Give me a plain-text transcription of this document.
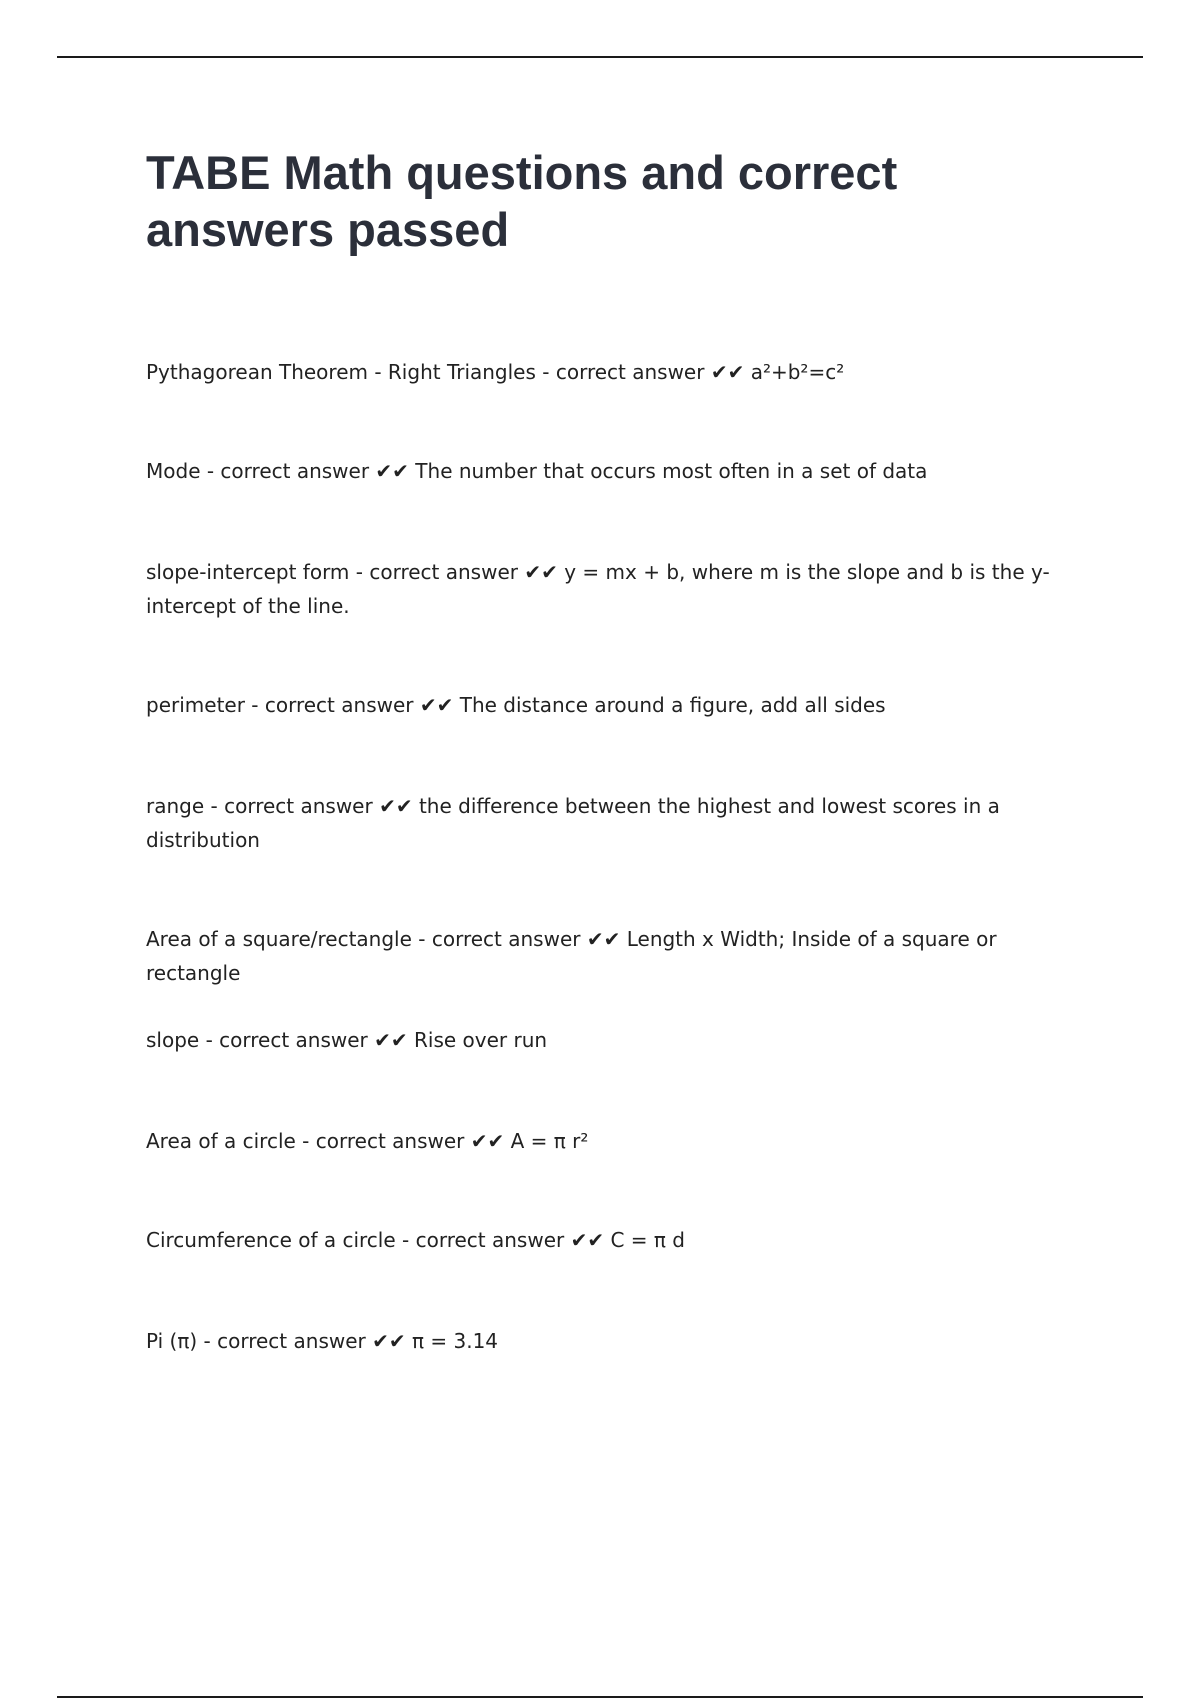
TABE Math questions and correct answers passed

Pythagorean Theorem - Right Triangles - correct answer ✔✔ a²+b²=c²

Mode - correct answer ✔✔ The number that occurs most often in a set of data

slope-intercept form - correct answer ✔✔ y = mx + b, where m is the slope and b is the y-intercept of the line.

perimeter - correct answer ✔✔ The distance around a figure, add all sides

range - correct answer ✔✔ the difference between the highest and lowest scores in a distribution

Area of a square/rectangle - correct answer ✔✔ Length x Width; Inside of a square or rectangle

slope - correct answer ✔✔ Rise over run

Area of a circle - correct answer ✔✔ A = π r²

Circumference of a circle - correct answer ✔✔ C = π d

Pi (π) - correct answer ✔✔ π = 3.14
